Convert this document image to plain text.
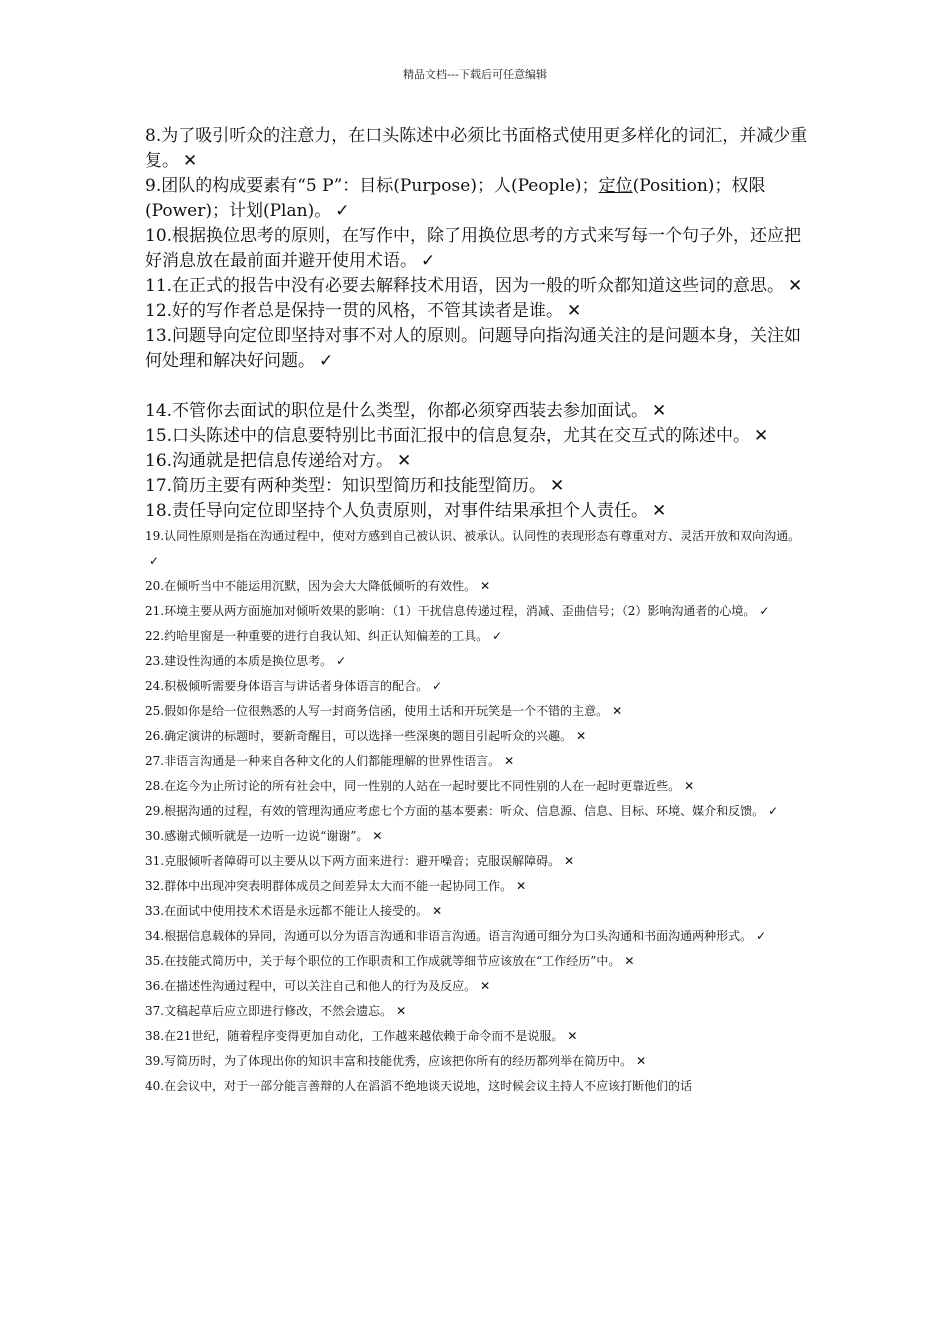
精品文档---下载后可任意编辑
8.为了吸引听众的注意力，在口头陈述中必须比书面格式使用更多样化的词汇，并减少重复。 ✕
9.团队的构成要素有“5 P”：目标(Purpose)；人(People)；定位(Position)；权限(Power)；计划(Plan)。 ✓
10.根据换位思考的原则，在写作中，除了用换位思考的方式来写每一个句子外，还应把好消息放在最前面并避开使用术语。 ✓
11.在正式的报告中没有必要去解释技术用语，因为一般的听众都知道这些词的意思。 ✕
12.好的写作者总是保持一贯的风格，不管其读者是谁。 ✕
13.问题导向定位即坚持对事不对人的原则。问题导向指沟通关注的是问题本身，关注如何处理和解决好问题。 ✓
14.不管你去面试的职位是什么类型，你都必须穿西装去参加面试。 ✕
15.口头陈述中的信息要特别比书面汇报中的信息复杂，尤其在交互式的陈述中。 ✕
16.沟通就是把信息传递给对方。 ✕
17.简历主要有两种类型：知识型简历和技能型简历。 ✕
18.责任导向定位即坚持个人负责原则，对事件结果承担个人责任。 ✕
19.认同性原则是指在沟通过程中，使对方感到自己被认识、被承认。认同性的表现形态有尊重对方、灵活开放和双向沟通。✓
20.在倾听当中不能运用沉默，因为会大大降低倾听的有效性。 ✕
21.环境主要从两方面施加对倾听效果的影响：（1）干扰信息传递过程，消减、歪曲信号；（2）影响沟通者的心境。 ✓
22.约哈里窗是一种重要的进行自我认知、纠正认知偏差的工具。 ✓
23.建设性沟通的本质是换位思考。 ✓
24.积极倾听需要身体语言与讲话者身体语言的配合。 ✓
25.假如你是给一位很熟悉的人写一封商务信函，使用土话和开玩笑是一个不错的主意。 ✕
26.确定演讲的标题时，要新奇醒目，可以选择一些深奥的题目引起听众的兴趣。 ✕
27.非语言沟通是一种来自各种文化的人们都能理解的世界性语言。 ✕
28.在迄今为止所讨论的所有社会中，同一性别的人站在一起时要比不同性别的人在一起时更靠近些。 ✕
29.根据沟通的过程，有效的管理沟通应考虑七个方面的基本要素：听众、信息源、信息、目标、环境、媒介和反馈。 ✓
30.感谢式倾听就是一边听一边说“谢谢”。 ✕
31.克服倾听者障碍可以主要从以下两方面来进行：避开噪音；克服误解障碍。 ✕
32.群体中出现冲突表明群体成员之间差异太大而不能一起协同工作。 ✕
33.在面试中使用技术术语是永远都不能让人接受的。 ✕
34.根据信息载体的异同，沟通可以分为语言沟通和非语言沟通。语言沟通可细分为口头沟通和书面沟通两种形式。 ✓
35.在技能式简历中，关于每个职位的工作职责和工作成就等细节应该放在“工作经历”中。 ✕
36.在描述性沟通过程中，可以关注自己和他人的行为及反应。 ✕
37.文稿起草后应立即进行修改，不然会遗忘。 ✕
38.在21世纪，随着程序变得更加自动化，工作越来越依赖于命令而不是说服。 ✕
39.写简历时，为了体现出你的知识丰富和技能优秀，应该把你所有的经历都列举在简历中。 ✕
40.在会议中，对于一部分能言善辩的人在滔滔不绝地谈天说地，这时候会议主持人不应该打断他们的话
